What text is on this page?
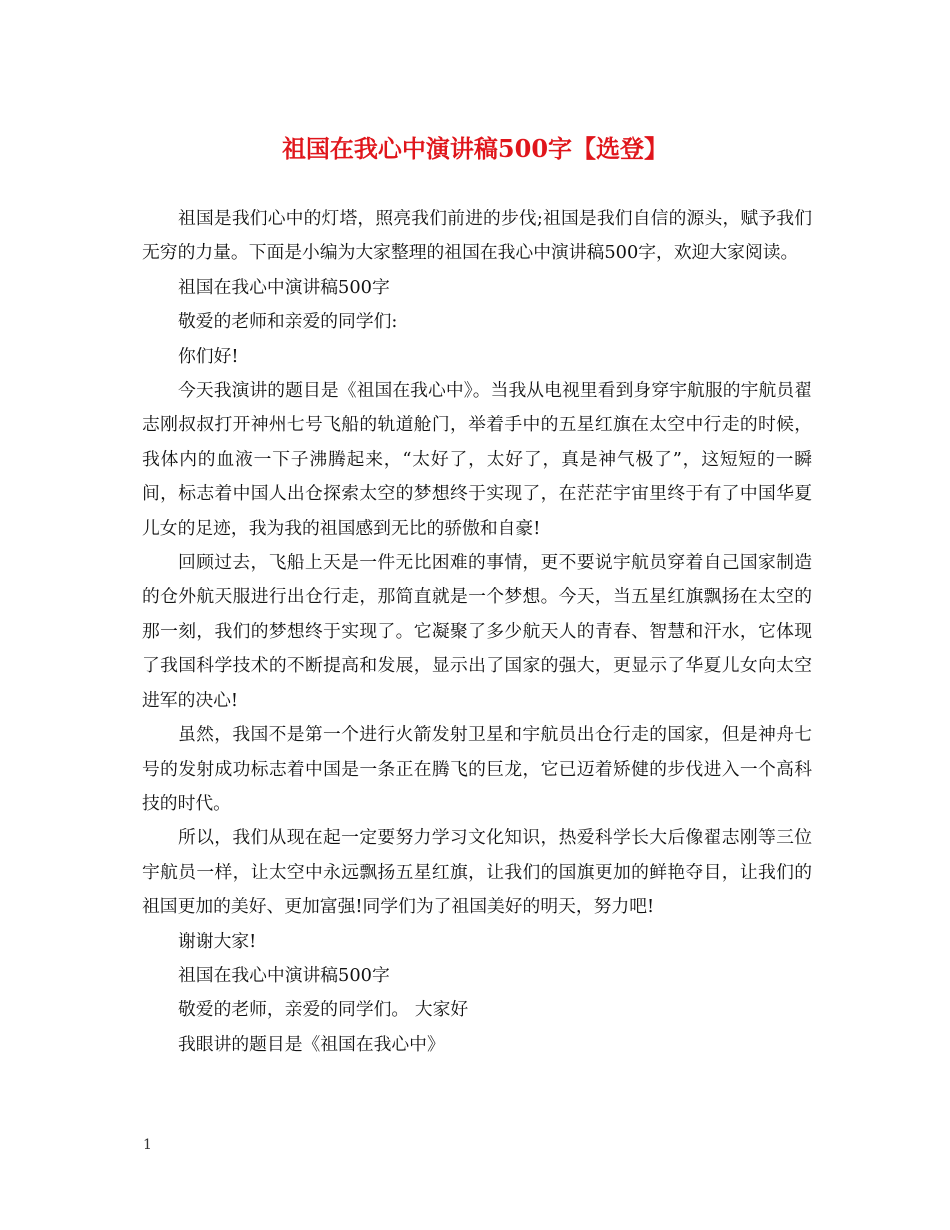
祖国在我心中演讲稿500字【选登】

祖国是我们心中的灯塔，照亮我们前进的步伐;祖国是我们自信的源头，赋予我们无穷的力量。下面是小编为大家整理的祖国在我心中演讲稿500字，欢迎大家阅读。

祖国在我心中演讲稿500字

敬爱的老师和亲爱的同学们:

你们好!

今天我演讲的题目是《祖国在我心中》。当我从电视里看到身穿宇航服的宇航员翟志刚叔叔打开神州七号飞船的轨道舱门，举着手中的五星红旗在太空中行走的时候，我体内的血液一下子沸腾起来，“太好了，太好了，真是神气极了”，这短短的一瞬间，标志着中国人出仓探索太空的梦想终于实现了，在茫茫宇宙里终于有了中国华夏儿女的足迹，我为我的祖国感到无比的骄傲和自豪!

回顾过去，飞船上天是一件无比困难的事情，更不要说宇航员穿着自己国家制造的仓外航天服进行出仓行走，那简直就是一个梦想。今天，当五星红旗飘扬在太空的那一刻，我们的梦想终于实现了。它凝聚了多少航天人的青春、智慧和汗水，它体现了我国科学技术的不断提高和发展，显示出了国家的强大，更显示了华夏儿女向太空进军的决心!

虽然，我国不是第一个进行火箭发射卫星和宇航员出仓行走的国家，但是神舟七号的发射成功标志着中国是一条正在腾飞的巨龙，它已迈着矫健的步伐进入一个高科技的时代。

所以，我们从现在起一定要努力学习文化知识，热爱科学长大后像翟志刚等三位宇航员一样，让太空中永远飘扬五星红旗，让我们的国旗更加的鲜艳夺目，让我们的祖国更加的美好、更加富强!同学们为了祖国美好的明天，努力吧!

谢谢大家!

祖国在我心中演讲稿500字

敬爱的老师，亲爱的同学们。 大家好

我眼讲的题目是《祖国在我心中》

1
